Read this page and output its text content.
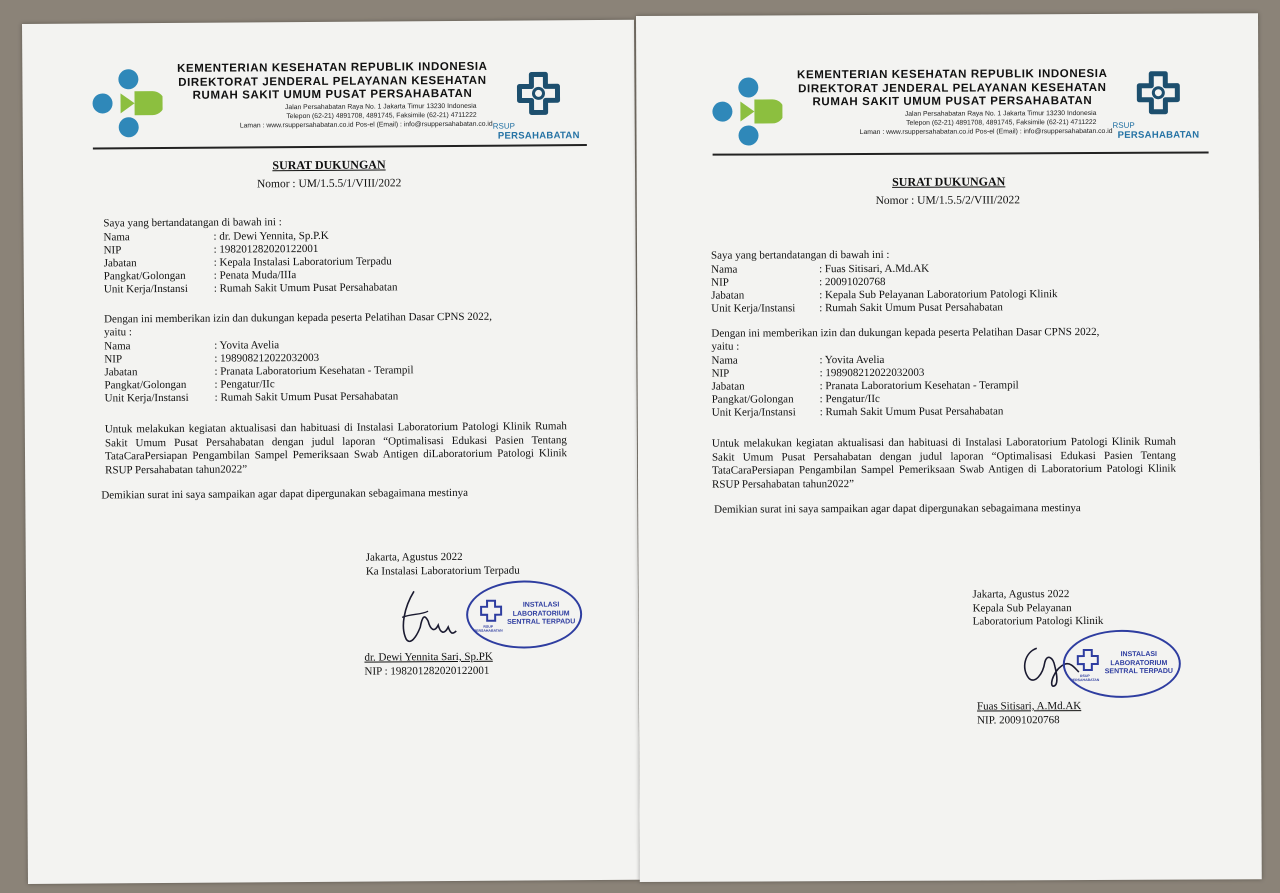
KEMENTERIAN KESEHATAN REPUBLIK INDONESIA
DIREKTORAT JENDERAL PELAYANAN KESEHATAN
RUMAH SAKIT UMUM PUSAT PERSAHABATAN
Jalan Persahabatan Raya No. 1 Jakarta Timur 13230 Indonesia
Telepon (62-21) 4891708, 4891745, Faksimile (62-21) 4711222
Laman : www.rsuppersahabatan.co.id Pos-el (Email) : info@rsuppersahabatan.co.id RSUP
PERSAHABATAN
SURAT DUKUNGAN
Nomor : UM/1.5.5/1/VIII/2022
Saya yang bertandatangan di bawah ini :
Nama	: dr. Dewi Yennita, Sp.P.K
NIP	: 198201282020122001
Jabatan	: Kepala Instalasi Laboratorium Terpadu
Pangkat/Golongan	: Penata Muda/IIIa
Unit Kerja/Instansi : Rumah Sakit Umum Pusat Persahabatan
Dengan ini memberikan izin dan dukungan kepada peserta Pelatihan Dasar CPNS 2022,
yaitu :
Nama	: Yovita Avelia
NIP	: 198908212022032003
Jabatan	: Pranata Laboratorium Kesehatan - Terampil
Pangkat/Golongan	: Pengatur/IIc
Unit Kerja/Instansi : Rumah Sakit Umum Pusat Persahabatan
Untuk melakukan kegiatan aktualisasi dan habituasi di Instalasi Laboratorium Patologi Klinik Rumah Sakit Umum Pusat Persahabatan dengan judul laporan “Optimalisasi Edukasi Pasien Tentang TataCaraPersiapan Pengambilan Sampel Pemeriksaan Swab Antigen diLaboratorium Patologi Klinik RSUP Persahabatan tahun2022”
Demikian surat ini saya sampaikan agar dapat dipergunakan sebagaimana mestinya
Jakarta, Agustus 2022
Ka Instalasi Laboratorium Terpadu
INSTALASI
LABORATORIUM
SENTRAL TERPADU
RSUP PERSAHABATAN
dr. Dewi Yennita Sari, Sp.PK
NIP : 198201282020122001
KEMENTERIAN KESEHATAN REPUBLIK INDONESIA
DIREKTORAT JENDERAL PELAYANAN KESEHATAN
RUMAH SAKIT UMUM PUSAT PERSAHABATAN
Jalan Persahabatan Raya No. 1 Jakarta Timur 13230 Indonesia
Telepon (62-21) 4891708, 4891745, Faksimile (62-21) 4711222
Laman : www.rsuppersahabatan.co.id Pos-el (Email) : info@rsuppersahabatan.co.id
RSUP
PERSAHABATAN
SURAT DUKUNGAN
Nomor : UM/1.5.5/2/VIII/2022
Saya yang bertandatangan di bawah ini :
Nama	: Fuas Sitisari, A.Md.AK
NIP	: 20091020768
Jabatan	: Kepala Sub Pelayanan Laboratorium Patologi Klinik
Unit Kerja/Instansi : Rumah Sakit Umum Pusat Persahabatan
Dengan ini memberikan izin dan dukungan kepada peserta Pelatihan Dasar CPNS 2022,
yaitu :
Nama	: Yovita Avelia
NIP	: 198908212022032003
Jabatan	: Pranata Laboratorium Kesehatan - Terampil
Pangkat/Golongan : Pengatur/IIc
Unit Kerja/Instansi : Rumah Sakit Umum Pusat Persahabatan
Untuk melakukan kegiatan aktualisasi dan habituasi di Instalasi Laboratorium Patologi Klinik Rumah Sakit Umum Pusat Persahabatan dengan judul laporan “Optimalisasi Edukasi Pasien Tentang TataCaraPersiapan Pengambilan Sampel Pemeriksaan Swab Antigen di Laboratorium Patologi Klinik RSUP Persahabatan tahun2022”
Demikian surat ini saya sampaikan agar dapat dipergunakan sebagaimana mestinya
Jakarta, Agustus 2022
Kepala Sub Pelayanan
Laboratorium Patologi Klinik
INSTALASI
LABORATORIUM
SENTRAL TERPADU
RSUP PERSAHABATAN
Fuas Sitisari, A.Md.AK
NIP. 20091020768
